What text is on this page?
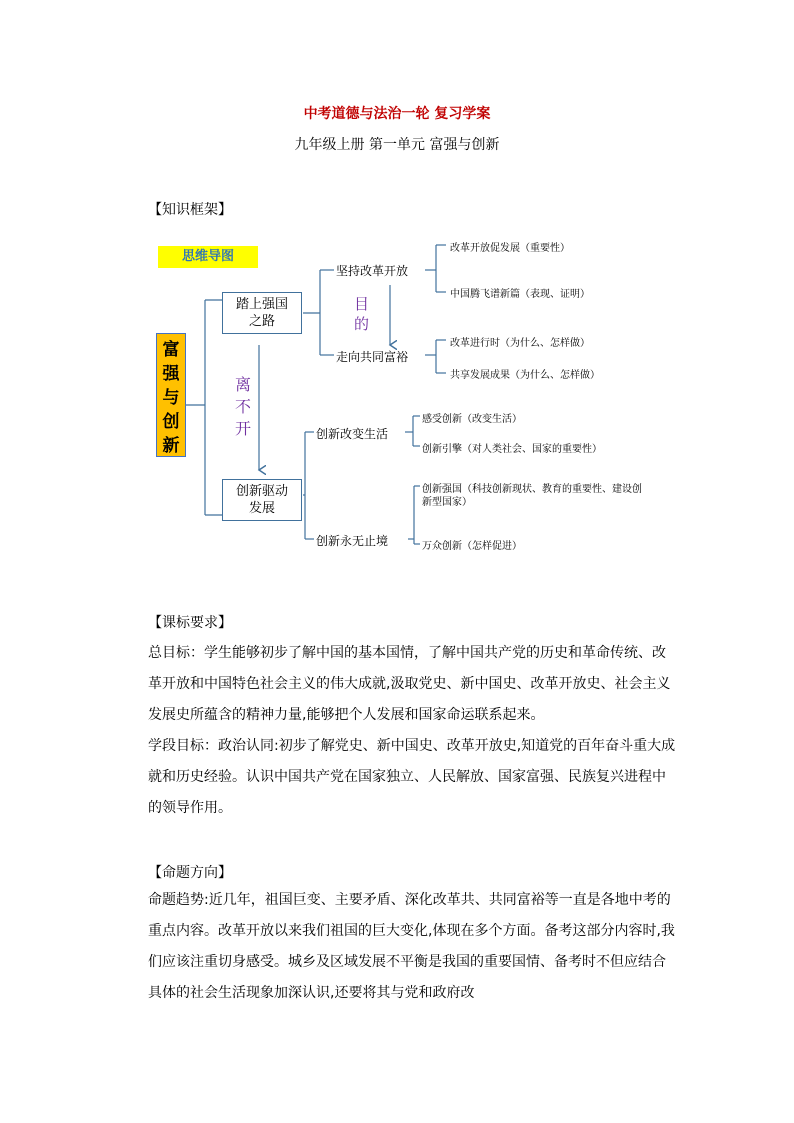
中考道德与法治一轮 复习学案
九年级上册 第一单元 富强与创新
【知识框架】
思维导图
富
强
与
创
新
踏上强国
之路
创新驱动
发展
坚持改革开放
走向共同富裕
改革开放促发展（重要性）
中国腾飞谱新篇（表现、证明）
改革进行时（为什么、怎样做）
共享发展成果（为什么、怎样做）
目
的
离
不
开	创新改变生活
创新永无止境
感受创新（改变生活）
创新引擎（对人类社会、国家的重要性）
创新强国（科技创新现状、教育的重要性、建设创
新型国家）
万众创新（怎样促进）
【课标要求】
总目标：学生能够初步了解中国的基本国情，了解中国共产党的历史和革命传统、改革开放和中国特色社会主义的伟大成就,汲取党史、新中国史、改革开放史、社会主义发展史所蕴含的精神力量,能够把个人发展和国家命运联系起来。
学段目标：政治认同:初步了解党史、新中国史、改革开放史,知道党的百年奋斗重大成就和历史经验。认识中国共产党在国家独立、人民解放、国家富强、民族复兴进程中的领导作用。
【命题方向】
命题趋势:近几年，祖国巨变、主要矛盾、深化改革共、共同富裕等一直是各地中考的重点内容。改革开放以来我们祖国的巨大变化,体现在多个方面。备考这部分内容时,我们应该注重切身感受。城乡及区域发展不平衡是我国的重要国情、备考时不但应结合具体的社会生活现象加深认识,还要将其与党和政府改
